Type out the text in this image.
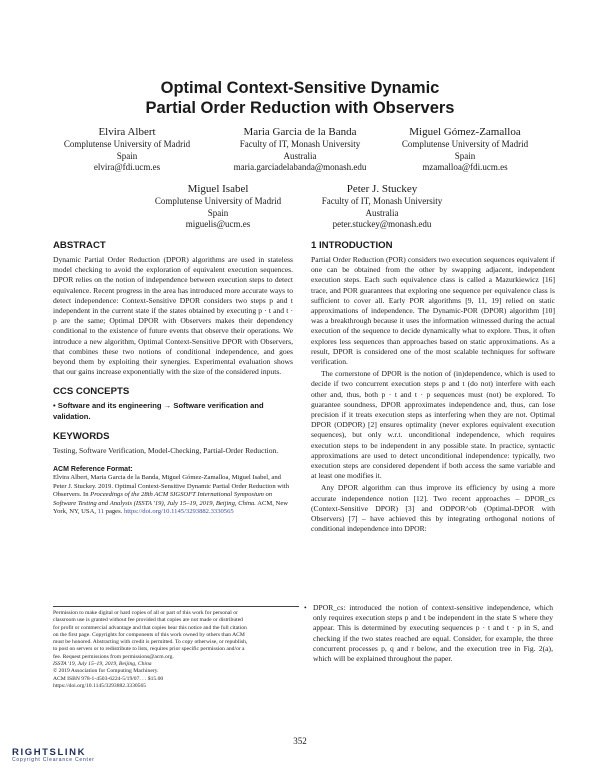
Optimal Context-Sensitive Dynamic
Partial Order Reduction with Observers
Elvira Albert
Complutense University of Madrid
Spain
elvira@fdi.ucm.es
Maria Garcia de la Banda
Faculty of IT, Monash University
Australia
maria.garciadelabanda@monash.edu
Miguel Gómez-Zamalloa
Complutense University of Madrid
Spain
mzamalloa@fdi.ucm.es
Miguel Isabel
Complutense University of Madrid
Spain
miguelis@ucm.es
Peter J. Stuckey
Faculty of IT, Monash University
Australia
peter.stuckey@monash.edu
ABSTRACT

Dynamic Partial Order Reduction (DPOR) algorithms are used in stateless model checking to avoid the exploration of equivalent execution sequences. DPOR relies on the notion of independence between execution steps to detect equivalence. Recent progress in the area has introduced more accurate ways to detect independence: Context-Sensitive DPOR considers two steps p and t independent in the current state if the states obtained by executing p · t and t · p are the same; Optimal DPOR with Observers makes their dependency conditional to the existence of future events that observe their operations. We introduce a new algorithm, Optimal Context-Sensitive DPOR with Observers, that combines these two notions of conditional independence, and goes beyond them by exploiting their synergies. Experimental evaluation shows that our gains increase exponentially with the size of the considered inputs.

CCS CONCEPTS

• Software and its engineering → Software verification and validation.

KEYWORDS

Testing, Software Verification, Model-Checking, Partial-Order Reduction.

ACM Reference Format:
Elvira Albert, Maria Garcia de la Banda, Miguel Gómez-Zamalloa, Miguel Isabel, and Peter J. Stuckey. 2019. Optimal Context-Sensitive Dynamic Partial Order Reduction with Observers. In Proceedings of the 28th ACM SIGSOFT International Symposium on Software Testing and Analysis (ISSTA '19), July 15–19, 2019, Beijing, China. ACM, New York, NY, USA, 11 pages. https://doi.org/10.1145/3293882.3330565
Permission to make digital or hard copies of all or part of this work for personal or
classroom use is granted without fee provided that copies are not made or distributed
for profit or commercial advantage and that copies bear this notice and the full citation
on the first page. Copyrights for components of this work owned by others than ACM
must be honored. Abstracting with credit is permitted. To copy otherwise, or republish,
to post on servers or to redistribute to lists, requires prior specific permission and/or a
fee. Request permissions from permissions@acm.org.
ISSTA '19, July 15–19, 2019, Beijing, China
© 2019 Association for Computing Machinery.
ACM ISBN 978-1-4503-6224-5/19/07. . . $15.00
https://doi.org/10.1145/3293882.3330565
1 INTRODUCTION

Partial Order Reduction (POR) considers two execution sequences equivalent if one can be obtained from the other by swapping adjacent, independent execution steps. Each such equivalence class is called a Mazurkiewicz [16] trace, and POR guarantees that exploring one sequence per equivalence class is sufficient to cover all. Early POR algorithms [9, 11, 19] relied on static approximations of independence. The Dynamic-POR (DPOR) algorithm [10] was a breakthrough because it uses the information witnessed during the actual execution of the sequence to decide dynamically what to explore. Thus, it often explores less sequences than approaches based on static approximations. As a result, DPOR is considered one of the most scalable techniques for software verification.

The cornerstone of DPOR is the notion of (in)dependence, which is used to decide if two concurrent execution steps p and t (do not) interfere with each other and, thus, both p · t and t · p sequences must (not) be explored. To guarantee soundness, DPOR approximates independence and, thus, can lose precision if it treats execution steps as interfering when they are not. Optimal DPOR (ODPOR) [2] ensures optimality (never explores equivalent execution sequences), but only w.r.t. unconditional independence, which requires execution steps to be independent in any possible state. In practice, syntactic approximations are used to detect unconditional independence: typically, two execution steps are considered dependent if both access the same variable and at least one modifies it.

Any DPOR algorithm can thus improve its efficiency by using a more accurate independence notion [12]. Two recent approaches – DPOR_cs (Context-Sensitive DPOR) [3] and ODPOR^ob (Optimal-DPOR with Observers) [7] – have achieved this by integrating orthogonal notions of conditional independence into DPOR:

• DPOR_cs: introduced the notion of context-sensitive independence, which only requires execution steps p and t be independent in the state S where they appear. This is determined by executing sequences p · t and t · p in S, and checking if the two states reached are equal. Consider, for example, the three concurrent processes p, q and r below, and the execution tree in Fig. 2(a), which will be explained throughout the paper.
352
RIGHTSLINK
Copyright Clearance Center
